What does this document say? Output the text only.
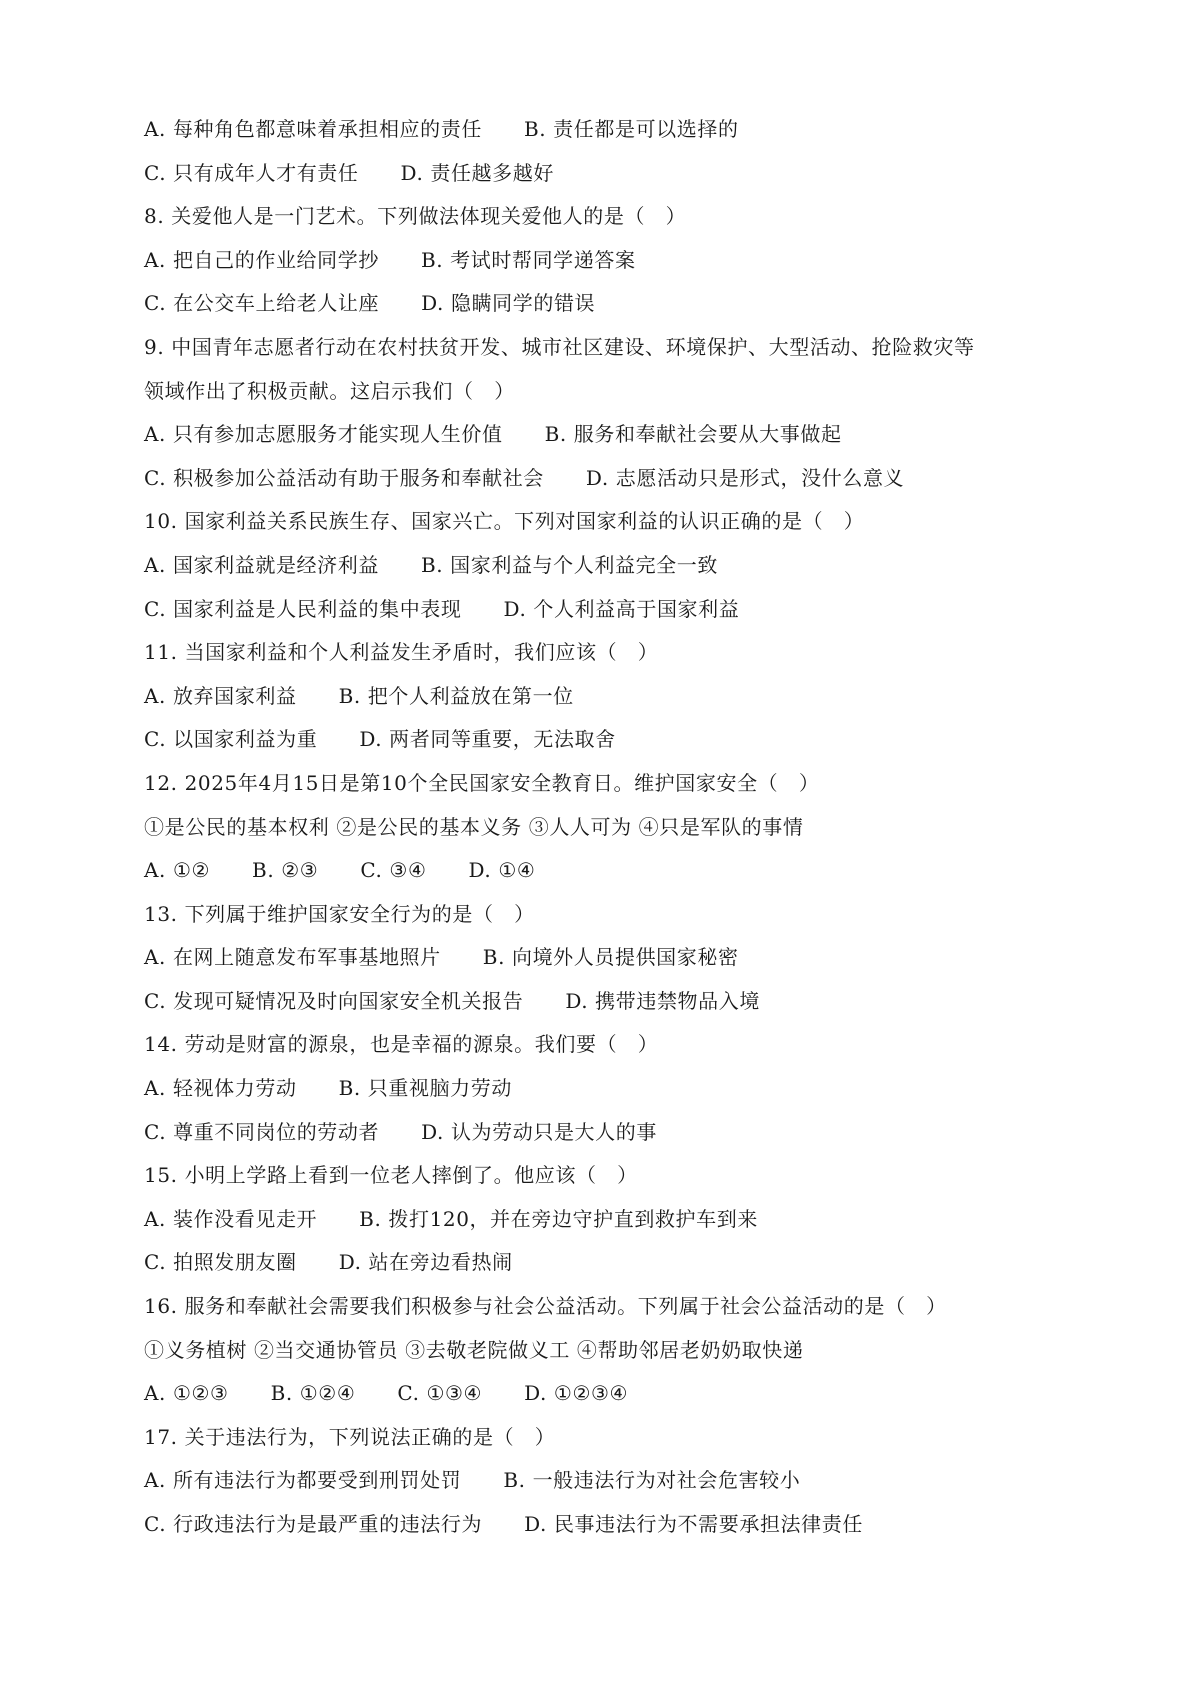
A. 每种角色都意味着承担相应的责任 B. 责任都是可以选择的
C. 只有成年人才有责任 D. 责任越多越好
8. 关爱他人是一门艺术。下列做法体现关爱他人的是（　）
A. 把自己的作业给同学抄 B. 考试时帮同学递答案
C. 在公交车上给老人让座 D. 隐瞒同学的错误
9. 中国青年志愿者行动在农村扶贫开发、城市社区建设、环境保护、大型活动、抢险救灾等
领域作出了积极贡献。这启示我们（　）
A. 只有参加志愿服务才能实现人生价值 B. 服务和奉献社会要从大事做起
C. 积极参加公益活动有助于服务和奉献社会 D. 志愿活动只是形式，没什么意义
10. 国家利益关系民族生存、国家兴亡。下列对国家利益的认识正确的是（　）
A. 国家利益就是经济利益 B. 国家利益与个人利益完全一致
C. 国家利益是人民利益的集中表现 D. 个人利益高于国家利益
11. 当国家利益和个人利益发生矛盾时，我们应该（　）
A. 放弃国家利益 B. 把个人利益放在第一位
C. 以国家利益为重 D. 两者同等重要，无法取舍
12. 2025年4月15日是第10个全民国家安全教育日。维护国家安全（　）
①是公民的基本权利 ②是公民的基本义务 ③人人可为 ④只是军队的事情
A. ①② B. ②③ C. ③④ D. ①④
13. 下列属于维护国家安全行为的是（　）
A. 在网上随意发布军事基地照片 B. 向境外人员提供国家秘密
C. 发现可疑情况及时向国家安全机关报告 D. 携带违禁物品入境
14. 劳动是财富的源泉，也是幸福的源泉。我们要（　）
A. 轻视体力劳动 B. 只重视脑力劳动
C. 尊重不同岗位的劳动者 D. 认为劳动只是大人的事
15. 小明上学路上看到一位老人摔倒了。他应该（　）
A. 装作没看见走开 B. 拨打120，并在旁边守护直到救护车到来
C. 拍照发朋友圈 D. 站在旁边看热闹
16. 服务和奉献社会需要我们积极参与社会公益活动。下列属于社会公益活动的是（　）
①义务植树 ②当交通协管员 ③去敬老院做义工 ④帮助邻居老奶奶取快递
A. ①②③ B. ①②④ C. ①③④ D. ①②③④
17. 关于违法行为，下列说法正确的是（　）
A. 所有违法行为都要受到刑罚处罚 B. 一般违法行为对社会危害较小
C. 行政违法行为是最严重的违法行为 D. 民事违法行为不需要承担法律责任
